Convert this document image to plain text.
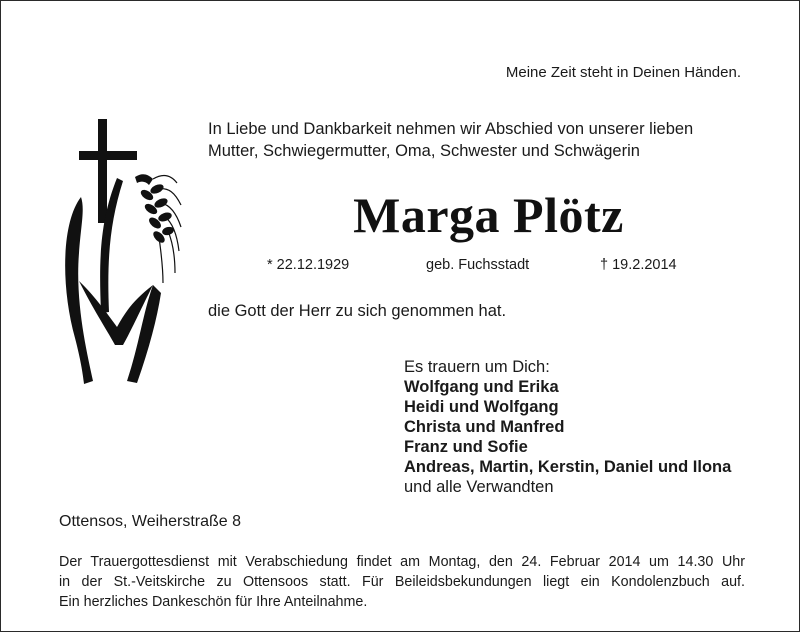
Meine Zeit steht in Deinen Händen.
In Liebe und Dankbarkeit nehmen wir Abschied von unserer lieben
Mutter, Schwiegermutter, Oma, Schwester und Schwägerin
Marga Plötz
* 22.12.1929	geb. Fuchsstadt	† 19.2.2014
die Gott der Herr zu sich genommen hat.
Es trauern um Dich:
Wolfgang und Erika
Heidi und Wolfgang
Christa und Manfred
Franz und Sofie
Andreas, Martin, Kerstin, Daniel und Ilona
und alle Verwandten
Ottensos, Weiherstraße 8
Der Trauergottesdienst mit Verabschiedung findet am Montag, den 24. Februar 2014 um 14.30 Uhr
in der St.-Veitskirche zu Ottensoos statt. Für Beileidsbekundungen liegt ein Kondolenzbuch auf.
Ein herzliches Dankeschön für Ihre Anteilnahme.
